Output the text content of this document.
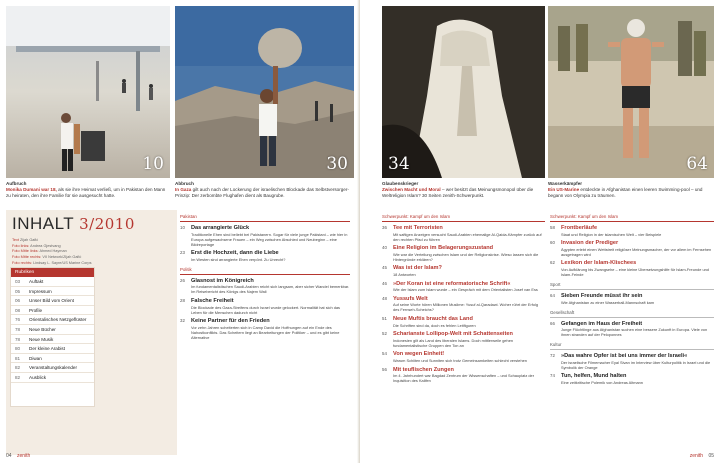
10	30
Aufbruch
Monika Dumani war 18, als sie ihre Heimat verließ, um in Pakistan den Mann zu heiraten, den ihre Familie für sie ausgesucht hatte.
Abbruch
In Gaza gilt auch nach der Lockerung der israelischen Blockade das Selbstversorger-Prinzip: Der zerbombte Flughafen dient als Baugrube.
INHALT 3/2010
Text Zijah Gafić
Foto links: Andrea Gjestvang
Foto Mitte links: Ahmed Hayman
Foto Mitte rechts: VII Network/Zijah Gafić
Foto rechts: Lindsay L. Sayre/US Marine Corps
Rubriken
03 Auftakt
05 Impressum
06 Unser Bild vom Orient
08 Profile
76 Orientalisches Netzgeflüster
78 Neue Bücher
78 Neue Musik
80 Der kleine Arabist
81 Diwan
82 Veranstaltungskalender
82 Ausblick
Pakistan
10	Das arrangierte Glück
Traditionelle Ehen sind beliebt bei Pakistanern. Sogar für viele junge Pakistani – wie hier in Europa aufgewachsene Frauen – ein Weg zwischen Abschied und Neubeginn – eine Bildreportage
23	Erst die Hochzeit, dann die Liebe
Im Westen sind arrangierte Ehen verpönt. Zu Unrecht?
Politik
26	Glasnost im Königreich
Im fundamentalistischen Saudi-Arabien reicht sich langsam, aber sicher Wandel bemerkbar. Im Reisebericht des Königs des Najem Wali
28	Falsche Freiheit
Die Blockade des Gaza-Streifens durch Israel wurde gelockert. Normalität hat sich das Leben für die Menschen dadurch nicht
32	Keine Partner für den Frieden
Vor zehn Jahren scheiterten sich in Camp David die Hoffnungen auf ein Ende des Nahostkonflikts. Das Scheitern liegt an Bearbeitungen der Politiker – und es gibt keine Alternative
04 zenith
34	64
Glaubenskrieger
Zwischen Macht und Moral – wer besitzt das Meinungsmonopol über die Weltreligion Islam? 30 Seiten zenith-Schwerpunkt.
Wasserkämpfer
Ein US-Marine entdeckte in Afghanistan einen leeren Swimming-pool – und begann von Olympia zu träumen.
Schwerpunkt: Kampf um den Islam
36	Tee mit Terroristen
Mit saftigen Anzeigen versucht Saudi-Arabien ehemalige Al-Qaida-Kämpfer zurück auf den rechten Pfad zu führen
40	Eine Religion im Belagerungszustand
Wie war die Verteilung zwischen Islam und der Religionskrise. Wieso lassen sich die Hintergründe erklären?
45	Was ist der Islam?
18 Antworten
46	»Der Koran ist eine reformatorische Schrift«
Wie der Islam zum Islam wurde – ein Gespräch mit dem Orientalisten Josef van Ess
48	Yussufs Welt
Auf seine Worte hören Millionen Muslime: Yusuf al-Qaradawi. Woher rührt der Erfolg des Fernseh-Scheichs?
51	Neue Muftis braucht das Land
Die Schriften sind da, doch es fehlen Leitfiguren
52	Scharianste Lollipop-Welt mit Schattenseiten
Indonesien gilt als Land des liberalen Islams. Doch mittlerweile gehen fundamentalistische Gruppen den Ton an
54	Von wegen Einheit!
Warum Schiiten und Sunniten sich trotz Gemeinsamkeiten schlecht verstehen
56	Mit teuflischen Zungen
Im 4. Jahrhundert war Bagdad Zentrum der Wissenschaften – und Schauplatz der Inquisition des Kalifen
Schwerpunkt: Kampf um den Islam
58	Frontberläufe
Staat und Religion in der islamischen Welt – vier Beispiele
60	Invasion der Prediger
Ägypten erlebt einen Wettstreit religiöser Meinungsmacher, der vor allem im Fernsehen ausgetragen wird
62	Lexikon der Islam-Klischees
Von Aufklärung bis Zwangsehe – eine kleine Übersetzungshilfe für Islam-Freunde und Islam-Feinde
Sport
64	Sieben Freunde müsst ihr sein
Wie Afghanistan zu einer Wasserball-Mannschaft kam
Gesellschaft
66	Gefangen im Haus der Freiheit
Junge Flüchtlinge aus Afghanistan suchen eine bessere Zukunft in Europa. Viele von ihnen stranden auf der Peloponnes
Kultur
72	»Das wahre Opfer ist bei uns immer der Israeli«
Der israelische Filmemacher Eyal Sivan im Interview über Kulturpolitik in Israel und die Symbolik der Orange
74	Tun, helfen, Mund halten
Eine zeitkritische Polemik von Andreas Altmann
zenith 05
